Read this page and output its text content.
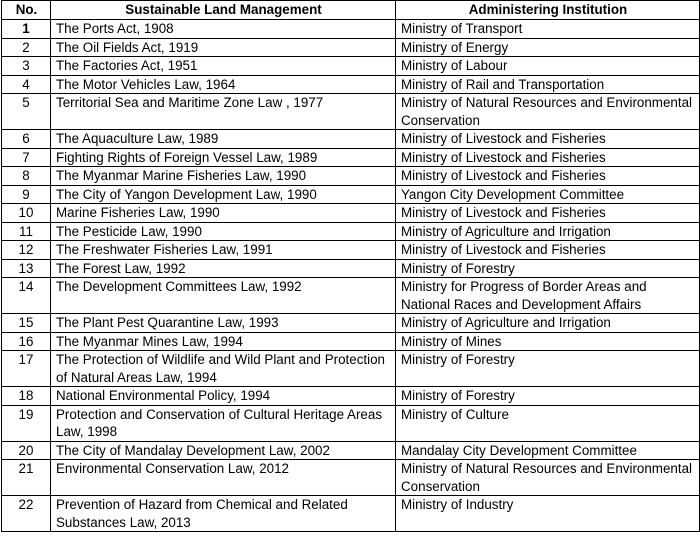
No.	Sustainable Land Management	Administering Institution
1	The Ports Act, 1908	Ministry of Transport
2	The Oil Fields Act, 1919	Ministry of Energy
3	The Factories Act, 1951	Ministry of Labour
4	The Motor Vehicles Law, 1964	Ministry of Rail and Transportation
5	Territorial Sea and Maritime Zone Law , 1977	Ministry of Natural Resources and Environmental Conservation
6	The Aquaculture Law, 1989	Ministry of Livestock and Fisheries
7	Fighting Rights of Foreign Vessel Law, 1989	Ministry of Livestock and Fisheries
8	The Myanmar Marine Fisheries Law, 1990	Ministry of Livestock and Fisheries
9	The City of Yangon Development Law, 1990	Yangon City Development Committee
10	Marine Fisheries Law, 1990	Ministry of Livestock and Fisheries
11	The Pesticide Law, 1990	Ministry of Agriculture and Irrigation
12	The Freshwater Fisheries Law, 1991	Ministry of Livestock and Fisheries
13	The Forest Law, 1992	Ministry of Forestry
14	The Development Committees Law, 1992	Ministry for Progress of Border Areas and National Races and Development Affairs
15	The Plant Pest Quarantine Law, 1993	Ministry of Agriculture and Irrigation
16	The Myanmar Mines Law, 1994	Ministry of Mines
17	The Protection of Wildlife and Wild Plant and Protection of Natural Areas Law, 1994	Ministry of Forestry
18	National Environmental Policy, 1994	Ministry of Forestry
19	Protection and Conservation of Cultural Heritage Areas Law, 1998	Ministry of Culture
20	The City of Mandalay Development Law, 2002	Mandalay City Development Committee
21	Environmental Conservation Law, 2012	Ministry of Natural Resources and Environmental Conservation
22	Prevention of Hazard from Chemical and Related Substances Law, 2013	Ministry of Industry
